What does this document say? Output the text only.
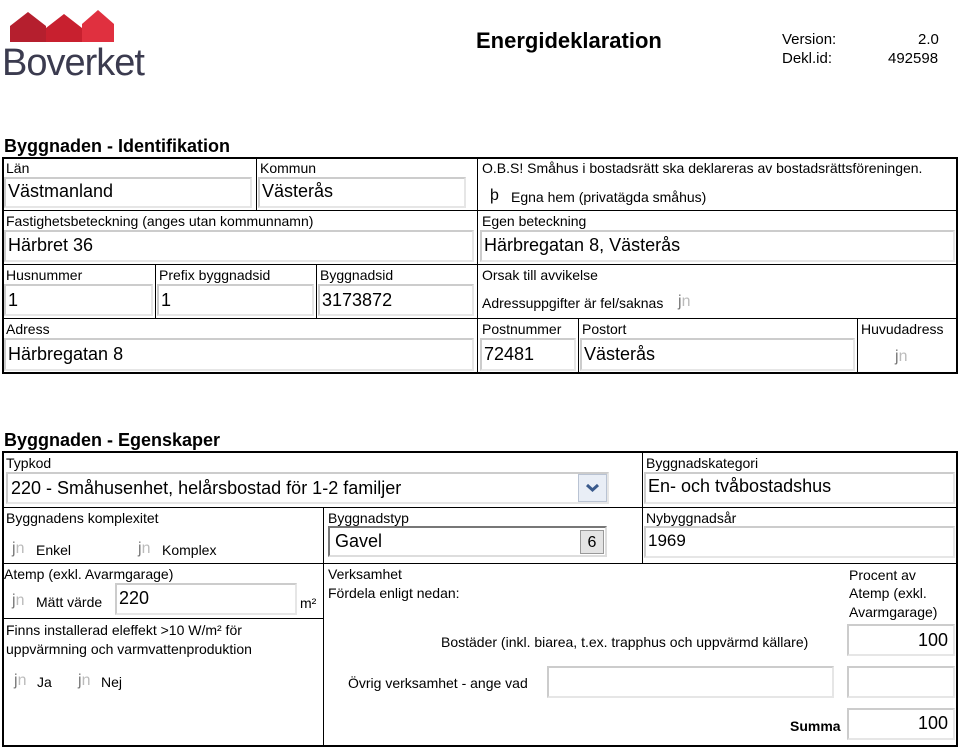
Boverket
Energideklaration	Version:	2.0
Dekl.id:	492598
Byggnaden - Identifikation
Län
Västmanland
Kommun
Västerås
O.B.S! Småhus i bostadsrätt ska deklareras av bostadsrättsföreningen.
þ Egna hem (privatägda småhus)
Fastighetsbeteckning (anges utan kommunnamn)
Härbret 36
Egen beteckning
Härbregatan 8, Västerås
Husnummer
1
Prefix byggnadsid
1
Byggnadsid
3173872
Orsak till avvikelse
Adressuppgifter är fel/saknas jn
Adress
Härbregatan 8
Postnummer
72481
Postort
Västerås
Huvudadress
jn
Byggnaden - Egenskaper
Typkod
220 - Småhusenhet, helårsbostad för 1-2 familjer
Byggnadskategori
En- och tvåbostadshus
Byggnadens komplexitet
jn Enkel	jn Komplex
Byggnadstyp
Gavel	6
Nybyggnadsår
1969
Atemp (exkl. Avarmgarage)
jn Mätt värde 220	m²
Finns installerad eleffekt >10 W/m² för
uppvärmning och varmvattenproduktion
jn Ja jn Nej
Verksamhet
Fördela enligt nedan:
Procent av
Atemp (exkl.
Avarmgarage)
Bostäder (inkl. biarea, t.ex. trapphus och uppvärmd källare)	100
Övrig verksamhet - ange vad
Summa	100
